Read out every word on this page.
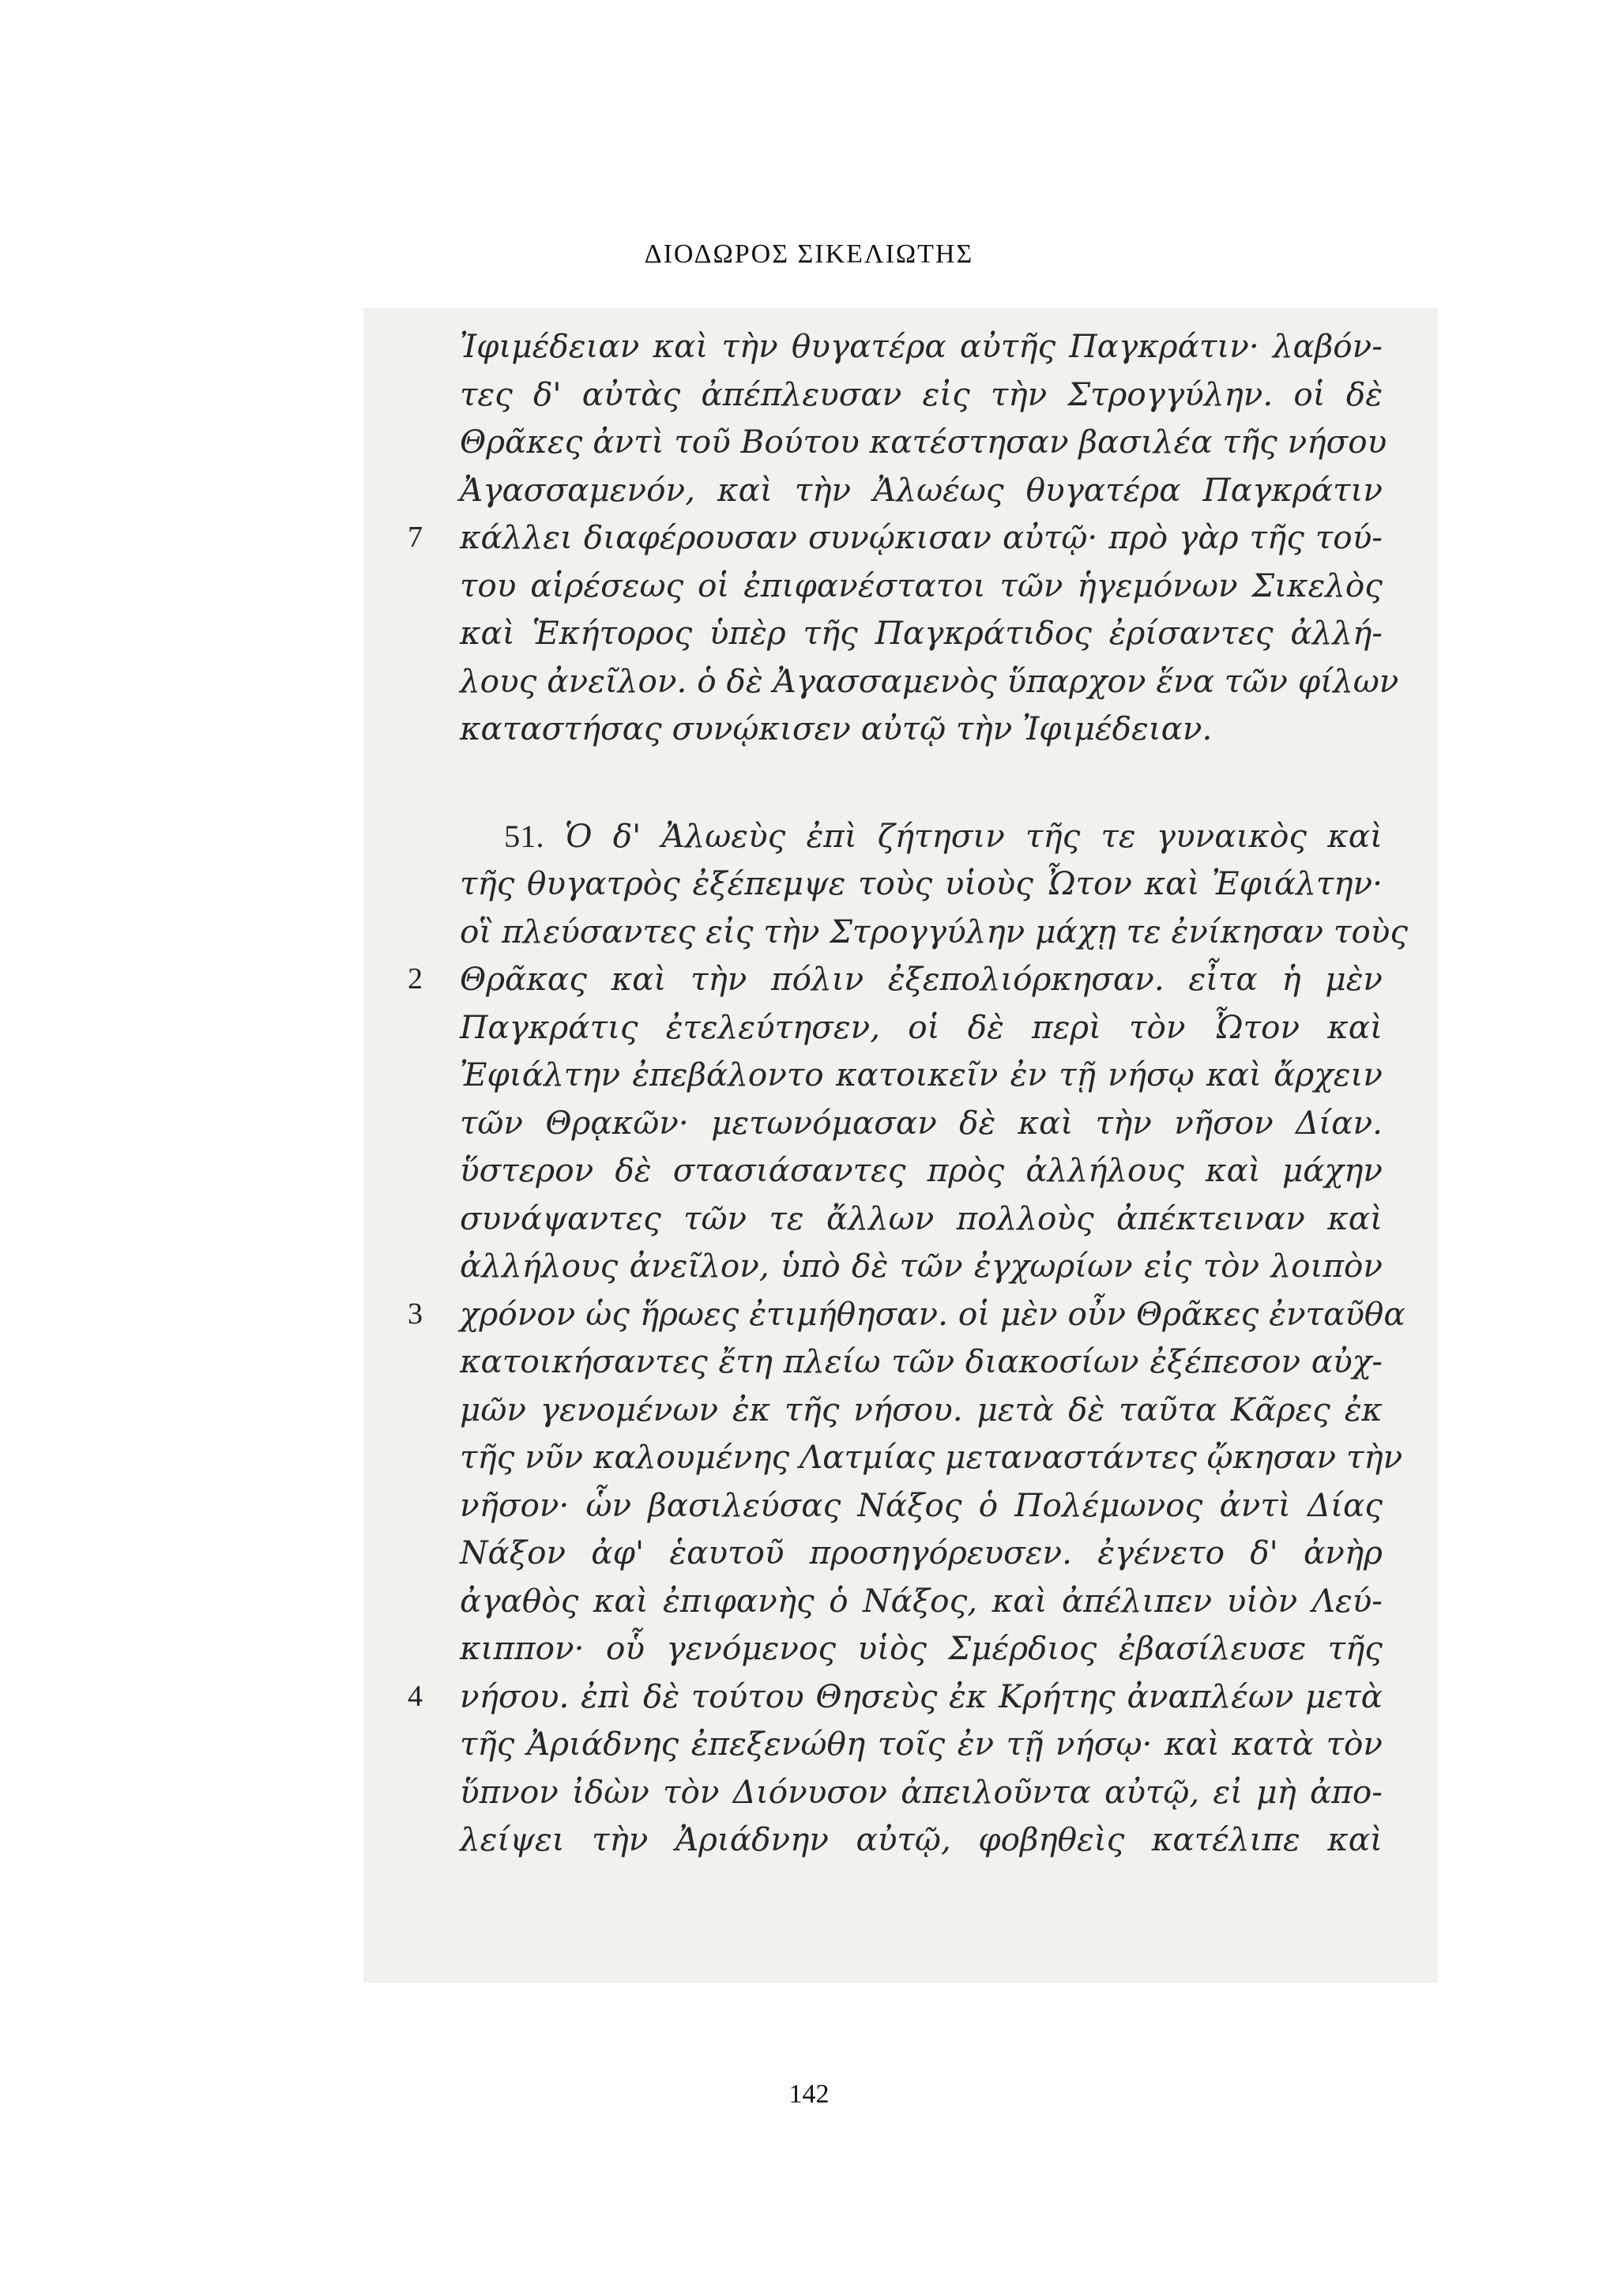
ΔΙΟΔΩΡΟΣ ΣΙΚΕΛΙΩΤΗΣ
Ἰφιμέδειαν καὶ τὴν θυγατέρα αὐτῆς Παγκράτιν· λαβόν-
τες δ' αὐτὰς ἀπέπλευσαν εἰς τὴν Στρογγύλην. οἱ δὲ
Θρᾶκες ἀντὶ τοῦ Βούτου κατέστησαν βασιλέα τῆς νήσου
Ἀγασσαμενόν, καὶ τὴν Ἀλωέως θυγατέρα Παγκράτιν
7 κάλλει διαφέρουσαν συνῴκισαν αὐτῷ· πρὸ γὰρ τῆς τού-
του αἱρέσεως οἱ ἐπιφανέστατοι τῶν ἡγεμόνων Σικελὸς
καὶ Ἑκήτορος ὑπὲρ τῆς Παγκράτιδος ἐρίσαντες ἀλλή-
λους ἀνεῖλον. ὁ δὲ Ἀγασσαμενὸς ὕπαρχον ἕνα τῶν φίλων
καταστήσας συνῴκισεν αὐτῷ τὴν Ἰφιμέδειαν.
51. Ὁ δ' Ἀλωεὺς ἐπὶ ζήτησιν τῆς τε γυναικὸς καὶ
τῆς θυγατρὸς ἐξέπεμψε τοὺς υἱοὺς Ὦτον καὶ Ἐφιάλτην·
οἳ πλεύσαντες εἰς τὴν Στρογγύλην μάχῃ τε ἐνίκησαν τοὺς
2 Θρᾶκας καὶ τὴν πόλιν ἐξεπολιόρκησαν. εἶτα ἡ μὲν
Παγκράτις ἐτελεύτησεν, οἱ δὲ περὶ τὸν Ὦτον καὶ
Ἐφιάλτην ἐπεβάλοντο κατοικεῖν ἐν τῇ νήσῳ καὶ ἄρχειν
τῶν Θρᾳκῶν· μετωνόμασαν δὲ καὶ τὴν νῆσον Δίαν.
ὕστερον δὲ στασιάσαντες πρὸς ἀλλήλους καὶ μάχην
συνάψαντες τῶν τε ἄλλων πολλοὺς ἀπέκτειναν καὶ
ἀλλήλους ἀνεῖλον, ὑπὸ δὲ τῶν ἐγχωρίων εἰς τὸν λοιπὸν
3 χρόνον ὡς ἥρωες ἐτιμήθησαν. οἱ μὲν οὖν Θρᾶκες ἐνταῦθα
κατοικήσαντες ἔτη πλείω τῶν διακοσίων ἐξέπεσον αὐχ-
μῶν γενομένων ἐκ τῆς νήσου. μετὰ δὲ ταῦτα Κᾶρες ἐκ
τῆς νῦν καλουμένης Λατμίας μεταναστάντες ᾤκησαν τὴν
νῆσον· ὧν βασιλεύσας Νάξος ὁ Πολέμωνος ἀντὶ Δίας
Νάξον ἀφ' ἑαυτοῦ προσηγόρευσεν. ἐγένετο δ' ἀνὴρ
ἀγαθὸς καὶ ἐπιφανὴς ὁ Νάξος, καὶ ἀπέλιπεν υἱὸν Λεύ-
κιππον· οὗ γενόμενος υἱὸς Σμέρδιος ἐβασίλευσε τῆς
4 νήσου. ἐπὶ δὲ τούτου Θησεὺς ἐκ Κρήτης ἀναπλέων μετὰ
τῆς Ἀριάδνης ἐπεξενώθη τοῖς ἐν τῇ νήσῳ· καὶ κατὰ τὸν
ὕπνον ἰδὼν τὸν Διόνυσον ἀπειλοῦντα αὐτῷ, εἰ μὴ ἀπο-
λείψει τὴν Ἀριάδνην αὐτῷ, φοβηθεὶς κατέλιπε καὶ
142
